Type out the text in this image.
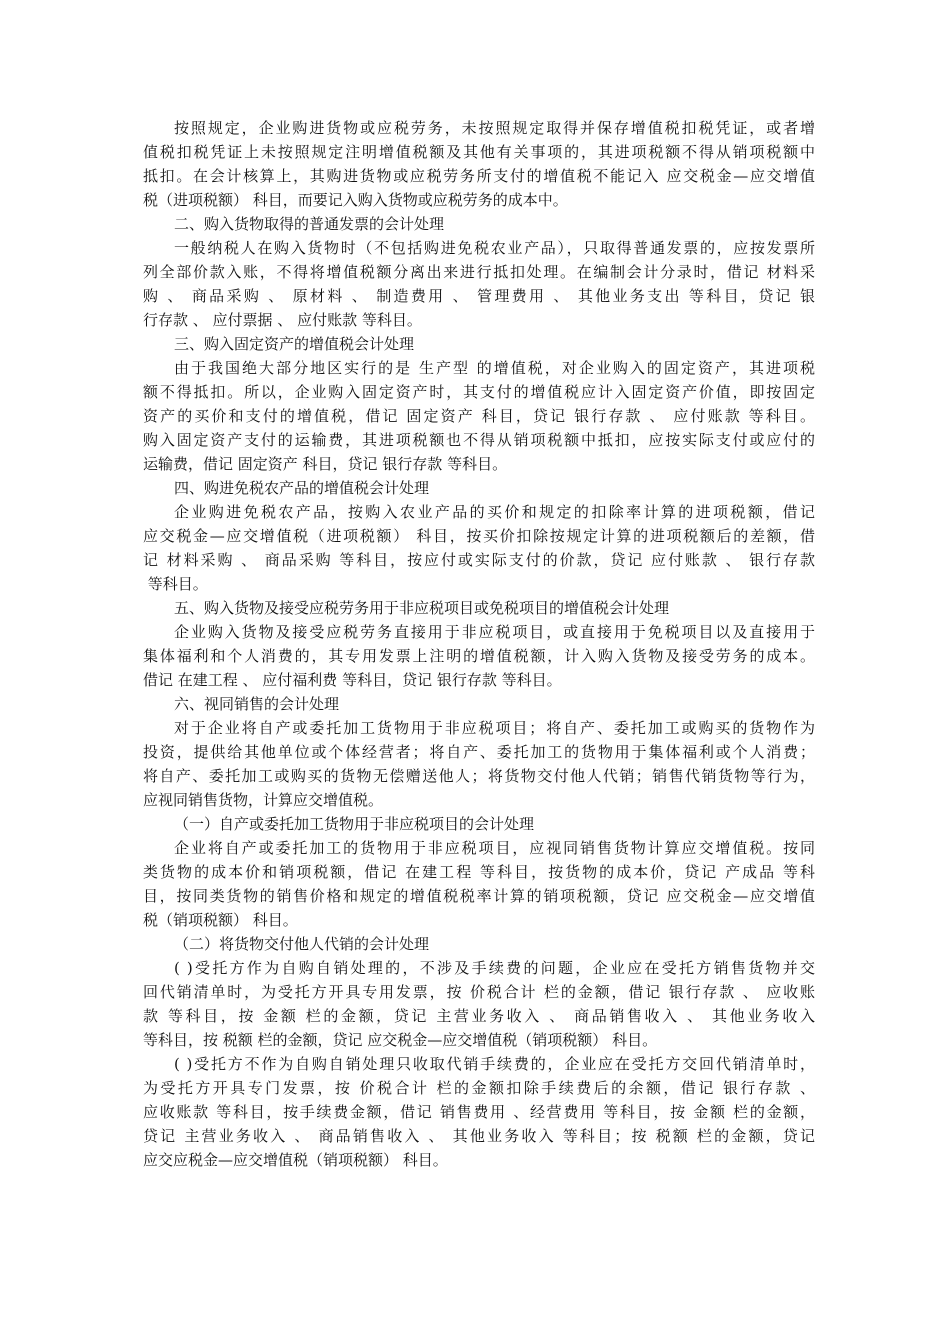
按照规定，企业购进货物或应税劳务，未按照规定取得并保存增值税扣税凭证，或者增
值税扣税凭证上未按照规定注明增值税额及其他有关事项的，其进项税额不得从销项税额中
抵扣。在会计核算上，其购进货物或应税劳务所支付的增值税不能记入 应交税金—应交增值
税（进项税额） 科目，而要记入购入货物或应税劳务的成本中。
二、购入货物取得的普通发票的会计处理
一般纳税人在购入货物时（不包括购进免税农业产品），只取得普通发票的，应按发票所
列全部价款入账，不得将增值税额分离出来进行抵扣处理。在编制会计分录时，借记 材料采
购 、 商品采购 、 原材料 、 制造费用 、 管理费用 、 其他业务支出 等科目，贷记 银
行存款 、 应付票据 、 应付账款 等科目。
三、购入固定资产的增值税会计处理
由于我国绝大部分地区实行的是 生产型 的增值税，对企业购入的固定资产，其进项税
额不得抵扣。所以，企业购入固定资产时，其支付的增值税应计入固定资产价值，即按固定
资产的买价和支付的增值税，借记 固定资产 科目，贷记 银行存款 、 应付账款 等科目。
购入固定资产支付的运输费，其进项税额也不得从销项税额中抵扣，应按实际支付或应付的
运输费，借记 固定资产 科目，贷记 银行存款 等科目。
四、购进免税农产品的增值税会计处理
企业购进免税农产品，按购入农业产品的买价和规定的扣除率计算的进项税额，借记
应交税金—应交增值税（进项税额） 科目，按买价扣除按规定计算的进项税额后的差额，借
记 材料采购 、 商品采购 等科目，按应付或实际支付的价款，贷记 应付账款 、 银行存款
等科目。
五、购入货物及接受应税劳务用于非应税项目或免税项目的增值税会计处理
企业购入货物及接受应税劳务直接用于非应税项目，或直接用于免税项目以及直接用于
集体福利和个人消费的，其专用发票上注明的增值税额，计入购入货物及接受劳务的成本。
借记 在建工程 、 应付福利费 等科目，贷记 银行存款 等科目。
六、视同销售的会计处理
对于企业将自产或委托加工货物用于非应税项目；将自产、委托加工或购买的货物作为
投资，提供给其他单位或个体经营者；将自产、委托加工的货物用于集体福利或个人消费；
将自产、委托加工或购买的货物无偿赠送他人；将货物交付他人代销；销售代销货物等行为，
应视同销售货物，计算应交增值税。
（一）自产或委托加工货物用于非应税项目的会计处理
企业将自产或委托加工的货物用于非应税项目，应视同销售货物计算应交增值税。按同
类货物的成本价和销项税额，借记 在建工程 等科目，按货物的成本价，贷记 产成品 等科
目，按同类货物的销售价格和规定的增值税税率计算的销项税额，贷记 应交税金—应交增值
税（销项税额） 科目。
（二）将货物交付他人代销的会计处理
( )受托方作为自购自销处理的，不涉及手续费的问题，企业应在受托方销售货物并交
回代销清单时，为受托方开具专用发票，按 价税合计 栏的金额，借记 银行存款 、 应收账
款 等科目，按 金额 栏的金额，贷记 主营业务收入 、 商品销售收入 、 其他业务收入
等科目，按 税额 栏的金额，贷记 应交税金—应交增值税（销项税额） 科目。
( )受托方不作为自购自销处理只收取代销手续费的，企业应在受托方交回代销清单时，
为受托方开具专门发票，按 价税合计 栏的金额扣除手续费后的余额，借记 银行存款 、
应收账款 等科目，按手续费金额，借记 销售费用 、经营费用 等科目，按 金额 栏的金额，
贷记 主营业务收入 、 商品销售收入 、 其他业务收入 等科目；按 税额 栏的金额，贷记
应交应税金—应交增值税（销项税额） 科目。
